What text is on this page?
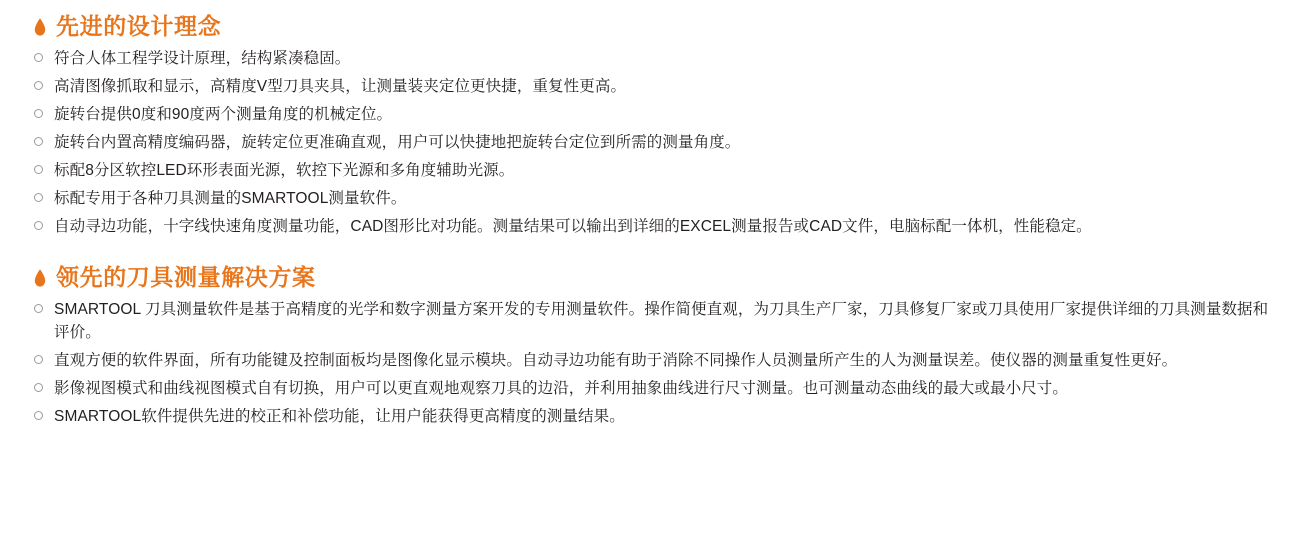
先进的设计理念
符合人体工程学设计原理，结构紧凑稳固。
高清图像抓取和显示，高精度V型刀具夹具，让测量装夹定位更快捷，重复性更高。
旋转台提供0度和90度两个测量角度的机械定位。
旋转台内置高精度编码器，旋转定位更准确直观，用户可以快捷地把旋转台定位到所需的测量角度。
标配8分区软控LED环形表面光源，软控下光源和多角度辅助光源。
标配专用于各种刀具测量的SMARTOOL测量软件。
自动寻边功能，十字线快速角度测量功能，CAD图形比对功能。测量结果可以输出到详细的EXCEL测量报告或CAD文件，电脑标配一体机，性能稳定。
领先的刀具测量解决方案
SMARTOOL 刀具测量软件是基于高精度的光学和数字测量方案开发的专用测量软件。操作简便直观，为刀具生产厂家，刀具修复厂家或刀具使用厂家提供详细的刀具测量数据和评价。
直观方便的软件界面，所有功能键及控制面板均是图像化显示模块。自动寻边功能有助于消除不同操作人员测量所产生的人为测量误差。使仪器的测量重复性更好。
影像视图模式和曲线视图模式自有切换，用户可以更直观地观察刀具的边沿，并利用抽象曲线进行尺寸测量。也可测量动态曲线的最大或最小尺寸。
SMARTOOL软件提供先进的校正和补偿功能，让用户能获得更高精度的测量结果。
